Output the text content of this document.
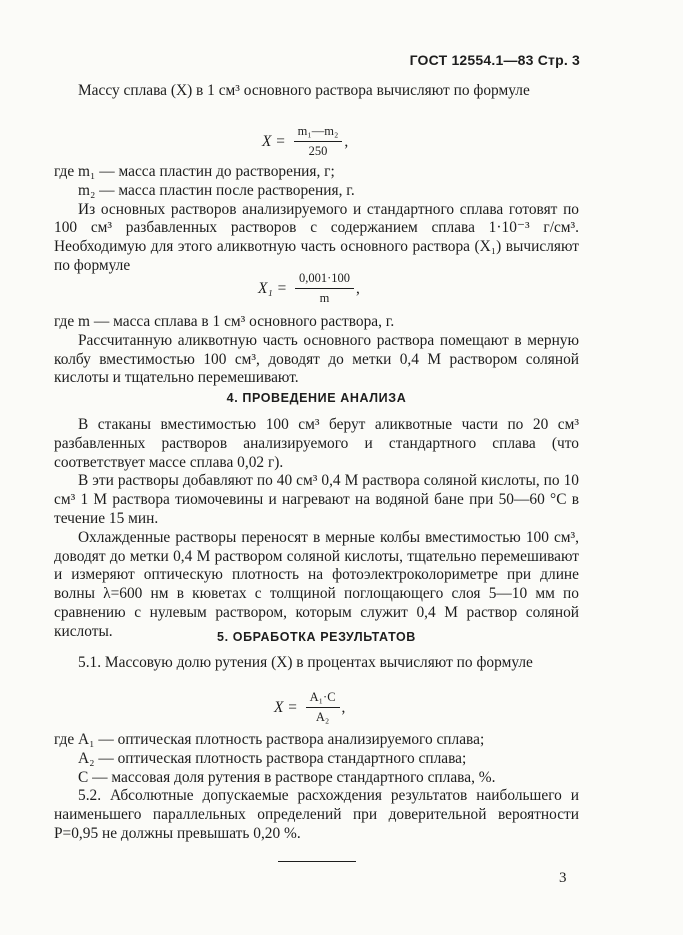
ГОСТ 12554.1—83 Стр. 3

Массу сплава (X) в 1 см³ основного раствора вычисляют по формуле

$X = \frac{\text{m₁—m₂}}{250}$ ,

где m₁ — масса пластин до растворения, г;

m₂ — масса пластин после растворения, г.

Из основных растворов анализируемого и стандартного сплава готовят по 100 см³ разбавленных растворов с содержанием сплава 1·10⁻³ г/см³. Необходимую для этого аликвотную часть основного раствора (X₁) вычисляют по формуле

$X_1 = \frac{0,001\cdot 100}{m}$ ,

где m — масса сплава в 1 см³ основного раствора, г.

Рассчитанную аликвотную часть основного раствора помещают в мерную колбу вместимостью 100 см³, доводят до метки 0,4 М раствором соляной кислоты и тщательно перемешивают.

4. ПРОВЕДЕНИЕ АНАЛИЗА

В стаканы вместимостью 100 см³ берут аликвотные части по 20 см³ разбавленных растворов анализируемого и стандартного сплава (что соответствует массе сплава 0,02 г).

В эти растворы добавляют по 40 см³ 0,4 М раствора соляной кислоты, по 10 см³ 1 М раствора тиомочевины и нагревают на водяной бане при 50—60 °С в течение 15 мин.

Охлажденные растворы переносят в мерные колбы вместимостью 100 см³, доводят до метки 0,4 М раствором соляной кислоты, тщательно перемешивают и измеряют оптическую плотность на фотоэлектроколориметре при длине волны λ=600 нм в кюветах с толщиной поглощающего слоя 5—10 мм по сравнению с нулевым раствором, которым служит 0,4 М раствор соляной кислоты.	5. ОБРАБОТКА РЕЗУЛЬТАТОВ

5.1. Массовую долю рутения (X) в процентах вычисляют по формуле

$X = \frac{\text{A₁·C}}{\text{A₂}}$ ,

где A₁ — оптическая плотность раствора анализируемого сплава;

A₂ — оптическая плотность раствора стандартного сплава;

C — массовая доля рутения в растворе стандартного сплава, %.

5.2. Абсолютные допускаемые расхождения результатов наибольшего и наименьшего параллельных определений при доверительной вероятности P=0,95 не должны превышать 0,20 %.

3
